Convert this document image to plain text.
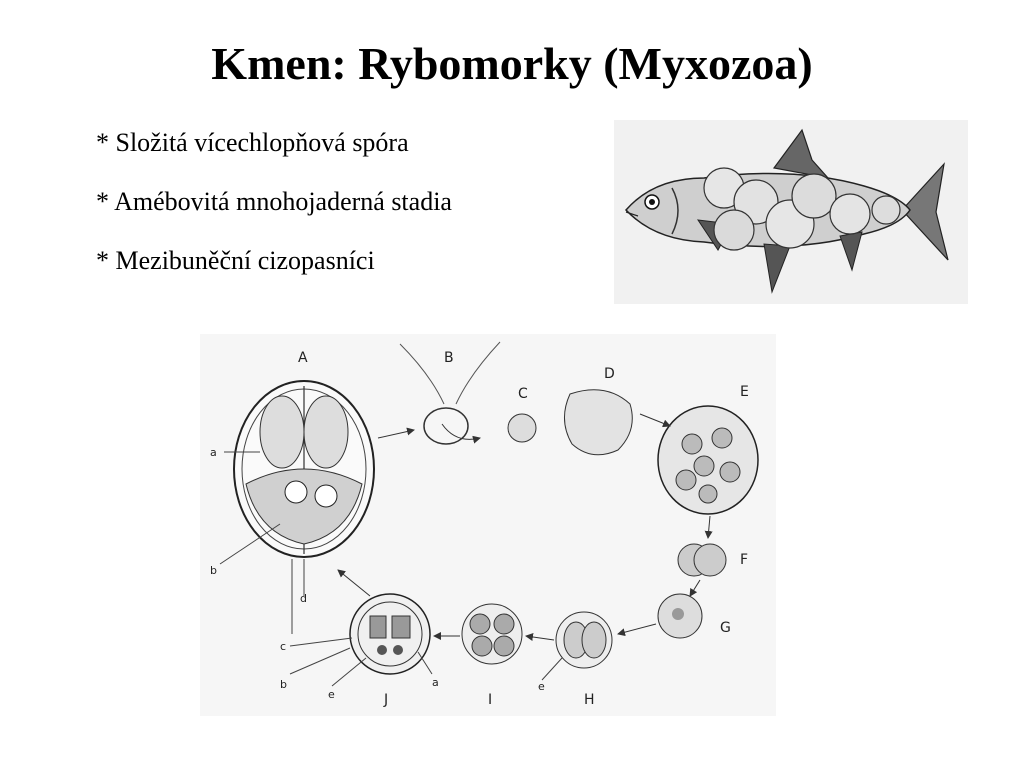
Kmen: Rybomorky (Myxozoa)
* Složitá vícechlopňová spóra
* Amébovitá mnohojaderná stadia
* Mezibuněční cizopasníci
A	B
C
D
E
F
G
H
I
J
a
b
d
c
b
e
a	e
